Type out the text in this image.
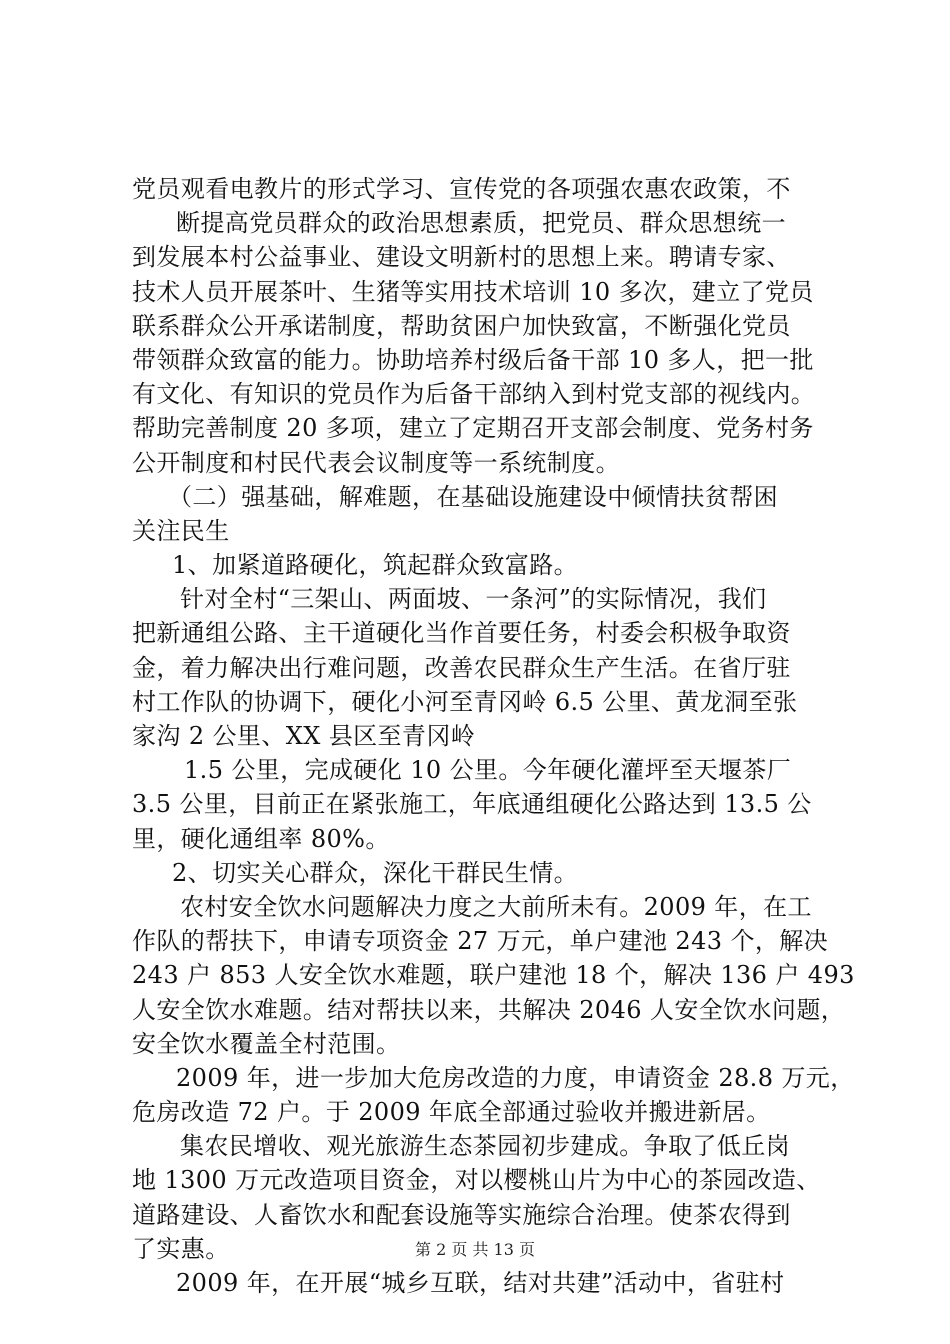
党员观看电教片的形式学习、宣传党的各项强农惠农政策，不
断提高党员群众的政治思想素质，把党员、群众思想统一
到发展本村公益事业、建设文明新村的思想上来。聘请专家、
技术人员开展茶叶、生猪等实用技术培训 10 多次，建立了党员
联系群众公开承诺制度，帮助贫困户加快致富，不断强化党员
带领群众致富的能力。协助培养村级后备干部 10 多人，把一批
有文化、有知识的党员作为后备干部纳入到村党支部的视线内。
帮助完善制度 20 多项，建立了定期召开支部会制度、党务村务
公开制度和村民代表会议制度等一系统制度。
（二）强基础，解难题，在基础设施建设中倾情扶贫帮困
关注民生
1、加紧道路硬化，筑起群众致富路。
针对全村“三架山、两面坡、一条河”的实际情况，我们
把新通组公路、主干道硬化当作首要任务，村委会积极争取资
金，着力解决出行难问题，改善农民群众生产生活。在省厅驻
村工作队的协调下，硬化小河至青冈岭 6.5 公里、黄龙洞至张
家沟 2 公里、XX 县区至青冈岭
1.5 公里，完成硬化 10 公里。今年硬化灌坪至天堰茶厂
3.5 公里，目前正在紧张施工，年底通组硬化公路达到 13.5 公
里，硬化通组率 80%。
2、切实关心群众，深化干群民生情。
农村安全饮水问题解决力度之大前所未有。2009 年，在工
作队的帮扶下，申请专项资金 27 万元，单户建池 243 个，解决
243 户 853 人安全饮水难题，联户建池 18 个，解决 136 户 493
人安全饮水难题。结对帮扶以来，共解决 2046 人安全饮水问题，
安全饮水覆盖全村范围。
2009 年，进一步加大危房改造的力度，申请资金 28.8 万元，
危房改造 72 户。于 2009 年底全部通过验收并搬进新居。
集农民增收、观光旅游生态茶园初步建成。争取了低丘岗
地 1300 万元改造项目资金，对以樱桃山片为中心的茶园改造、
道路建设、人畜饮水和配套设施等实施综合治理。使茶农得到
了实惠。
2009 年，在开展“城乡互联，结对共建”活动中，省驻村
第 2 页 共 13 页
